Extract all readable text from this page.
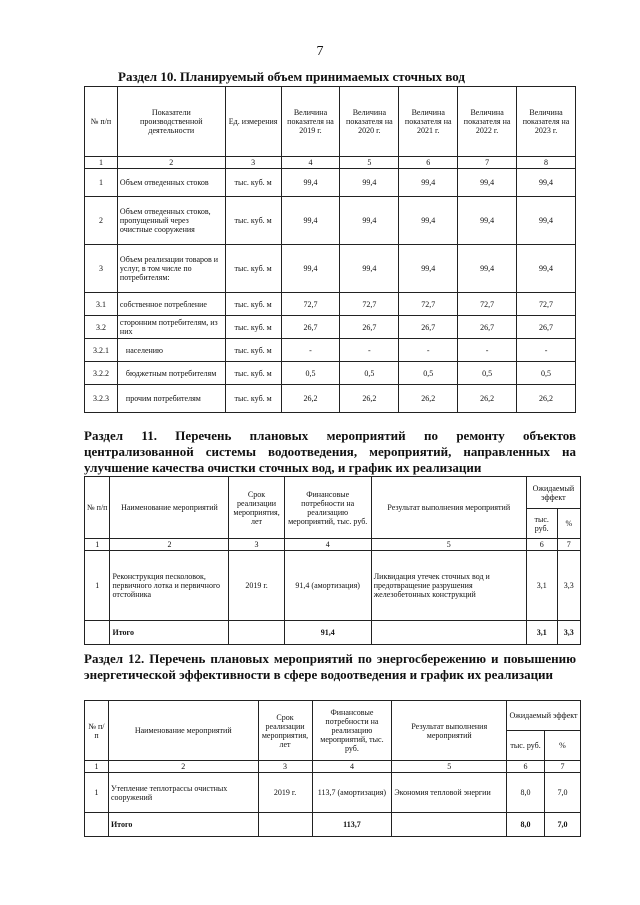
7
Раздел 10. Планируемый объем принимаемых сточных вод
№ п/п	Показатели производственной деятельности	Ед. измерения	Величина показателя на 2019 г.	Величина показателя на 2020 г.	Величина показателя на 2021 г.	Величина показателя на 2022 г.	Величина показателя на 2023 г.
1	2	3	4	5	6	7	8
1	Объем отведенных стоков	тыс. куб. м	99,4	99,4	99,4	99,4	99,4
2	Объем отведенных стоков, пропущенный через очистные сооружения	тыс. куб. м	99,4	99,4	99,4	99,4	99,4
3	Объем реализации товаров и услуг, в том числе по потребителям:	тыс. куб. м	99,4	99,4	99,4	99,4	99,4
3.1	собственное потребление	тыс. куб. м	72,7	72,7	72,7	72,7	72,7
3.2	сторонним потребителям, из них	тыс. куб. м	26,7	26,7	26,7	26,7	26,7
3.2.1	населению	тыс. куб. м	-	-	-	-	-
3.2.2	бюджетным потребителям	тыс. куб. м	0,5	0,5	0,5	0,5	0,5
3.2.3	прочим потребителям	тыс. куб. м	26,2	26,2	26,2	26,2	26,2
Раздел 11. Перечень плановых мероприятий по ремонту объектов централизованной системы водоотведения, мероприятий, направленных на улучшение качества очистки сточных вод, и график их реализации
№ п/п	Наименование мероприятий	Срок реализации мероприятия, лет	Финансовые потребности на реализацию мероприятий, тыс. руб.	Результат выполнения мероприятий	Ожидаемый эффект	
					тыс. руб.	%
1	2	3	4	5	6	7
1	Реконструкция песколовок, первичного лотка и первичного отстойника	2019 г.	91,4 (амортизация)	Ликвидация утечек сточных вод и предотвращение разрушения железобетонных конструкций	3,1	3,3
	Итого		91,4		3,1	3,3
Раздел 12. Перечень плановых мероприятий по энергосбережению и повышению энергетической эффективности в сфере водоотведения и график их реализации
№ п/п	Наименование мероприятий	Срок реализации мероприятия, лет	Финансовые потребности на реализацию мероприятий, тыс. руб.	Результат выполнения мероприятий	Ожидаемый эффект	
					тыс. руб.	%
1	2	3	4	5	6	7
1	Утепление теплотрассы очистных сооружений	2019 г.	113,7 (амортизация)	Экономия тепловой энергии	8,0	7,0
	Итого		113,7		8,0	7,0
